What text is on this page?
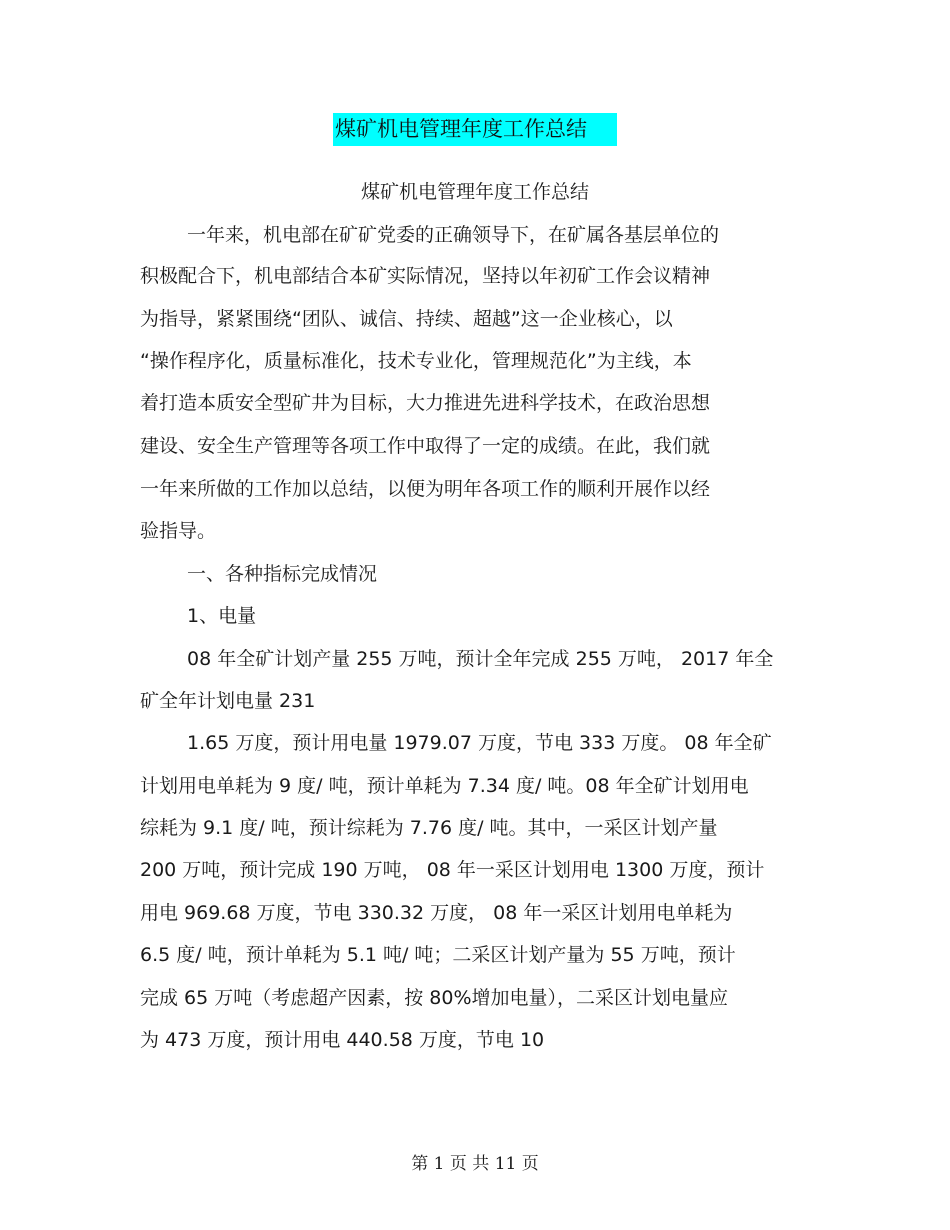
煤矿机电管理年度工作总结
煤矿机电管理年度工作总结
一年来，机电部在矿矿党委的正确领导下，在矿属各基层单位的
积极配合下，机电部结合本矿实际情况，坚持以年初矿工作会议精神
为指导，紧紧围绕“团队、诚信、持续、超越”这一企业核心，以
“操作程序化，质量标准化，技术专业化，管理规范化”为主线，本
着打造本质安全型矿井为目标，大力推进先进科学技术，在政治思想
建设、安全生产管理等各项工作中取得了一定的成绩。在此，我们就
一年来所做的工作加以总结，以便为明年各项工作的顺利开展作以经
验指导。
一、各种指标完成情况
1、电量
08 年全矿计划产量 255 万吨，预计全年完成 255 万吨， 2017 年全
矿全年计划电量 231
1.65 万度，预计用电量 1979.07 万度，节电 333 万度。 08 年全矿
计划用电单耗为 9 度/ 吨，预计单耗为 7.34 度/ 吨。08 年全矿计划用电
综耗为 9.1 度/ 吨，预计综耗为 7.76 度/ 吨。其中，一采区计划产量
200 万吨，预计完成 190 万吨， 08 年一采区计划用电 1300 万度，预计
用电 969.68 万度，节电 330.32 万度， 08 年一采区计划用电单耗为
6.5 度/ 吨，预计单耗为 5.1 吨/ 吨；二采区计划产量为 55 万吨，预计
完成 65 万吨（考虑超产因素，按 80%增加电量），二采区计划电量应
为 473 万度，预计用电 440.58 万度，节电 10
第 1 页 共 11 页
